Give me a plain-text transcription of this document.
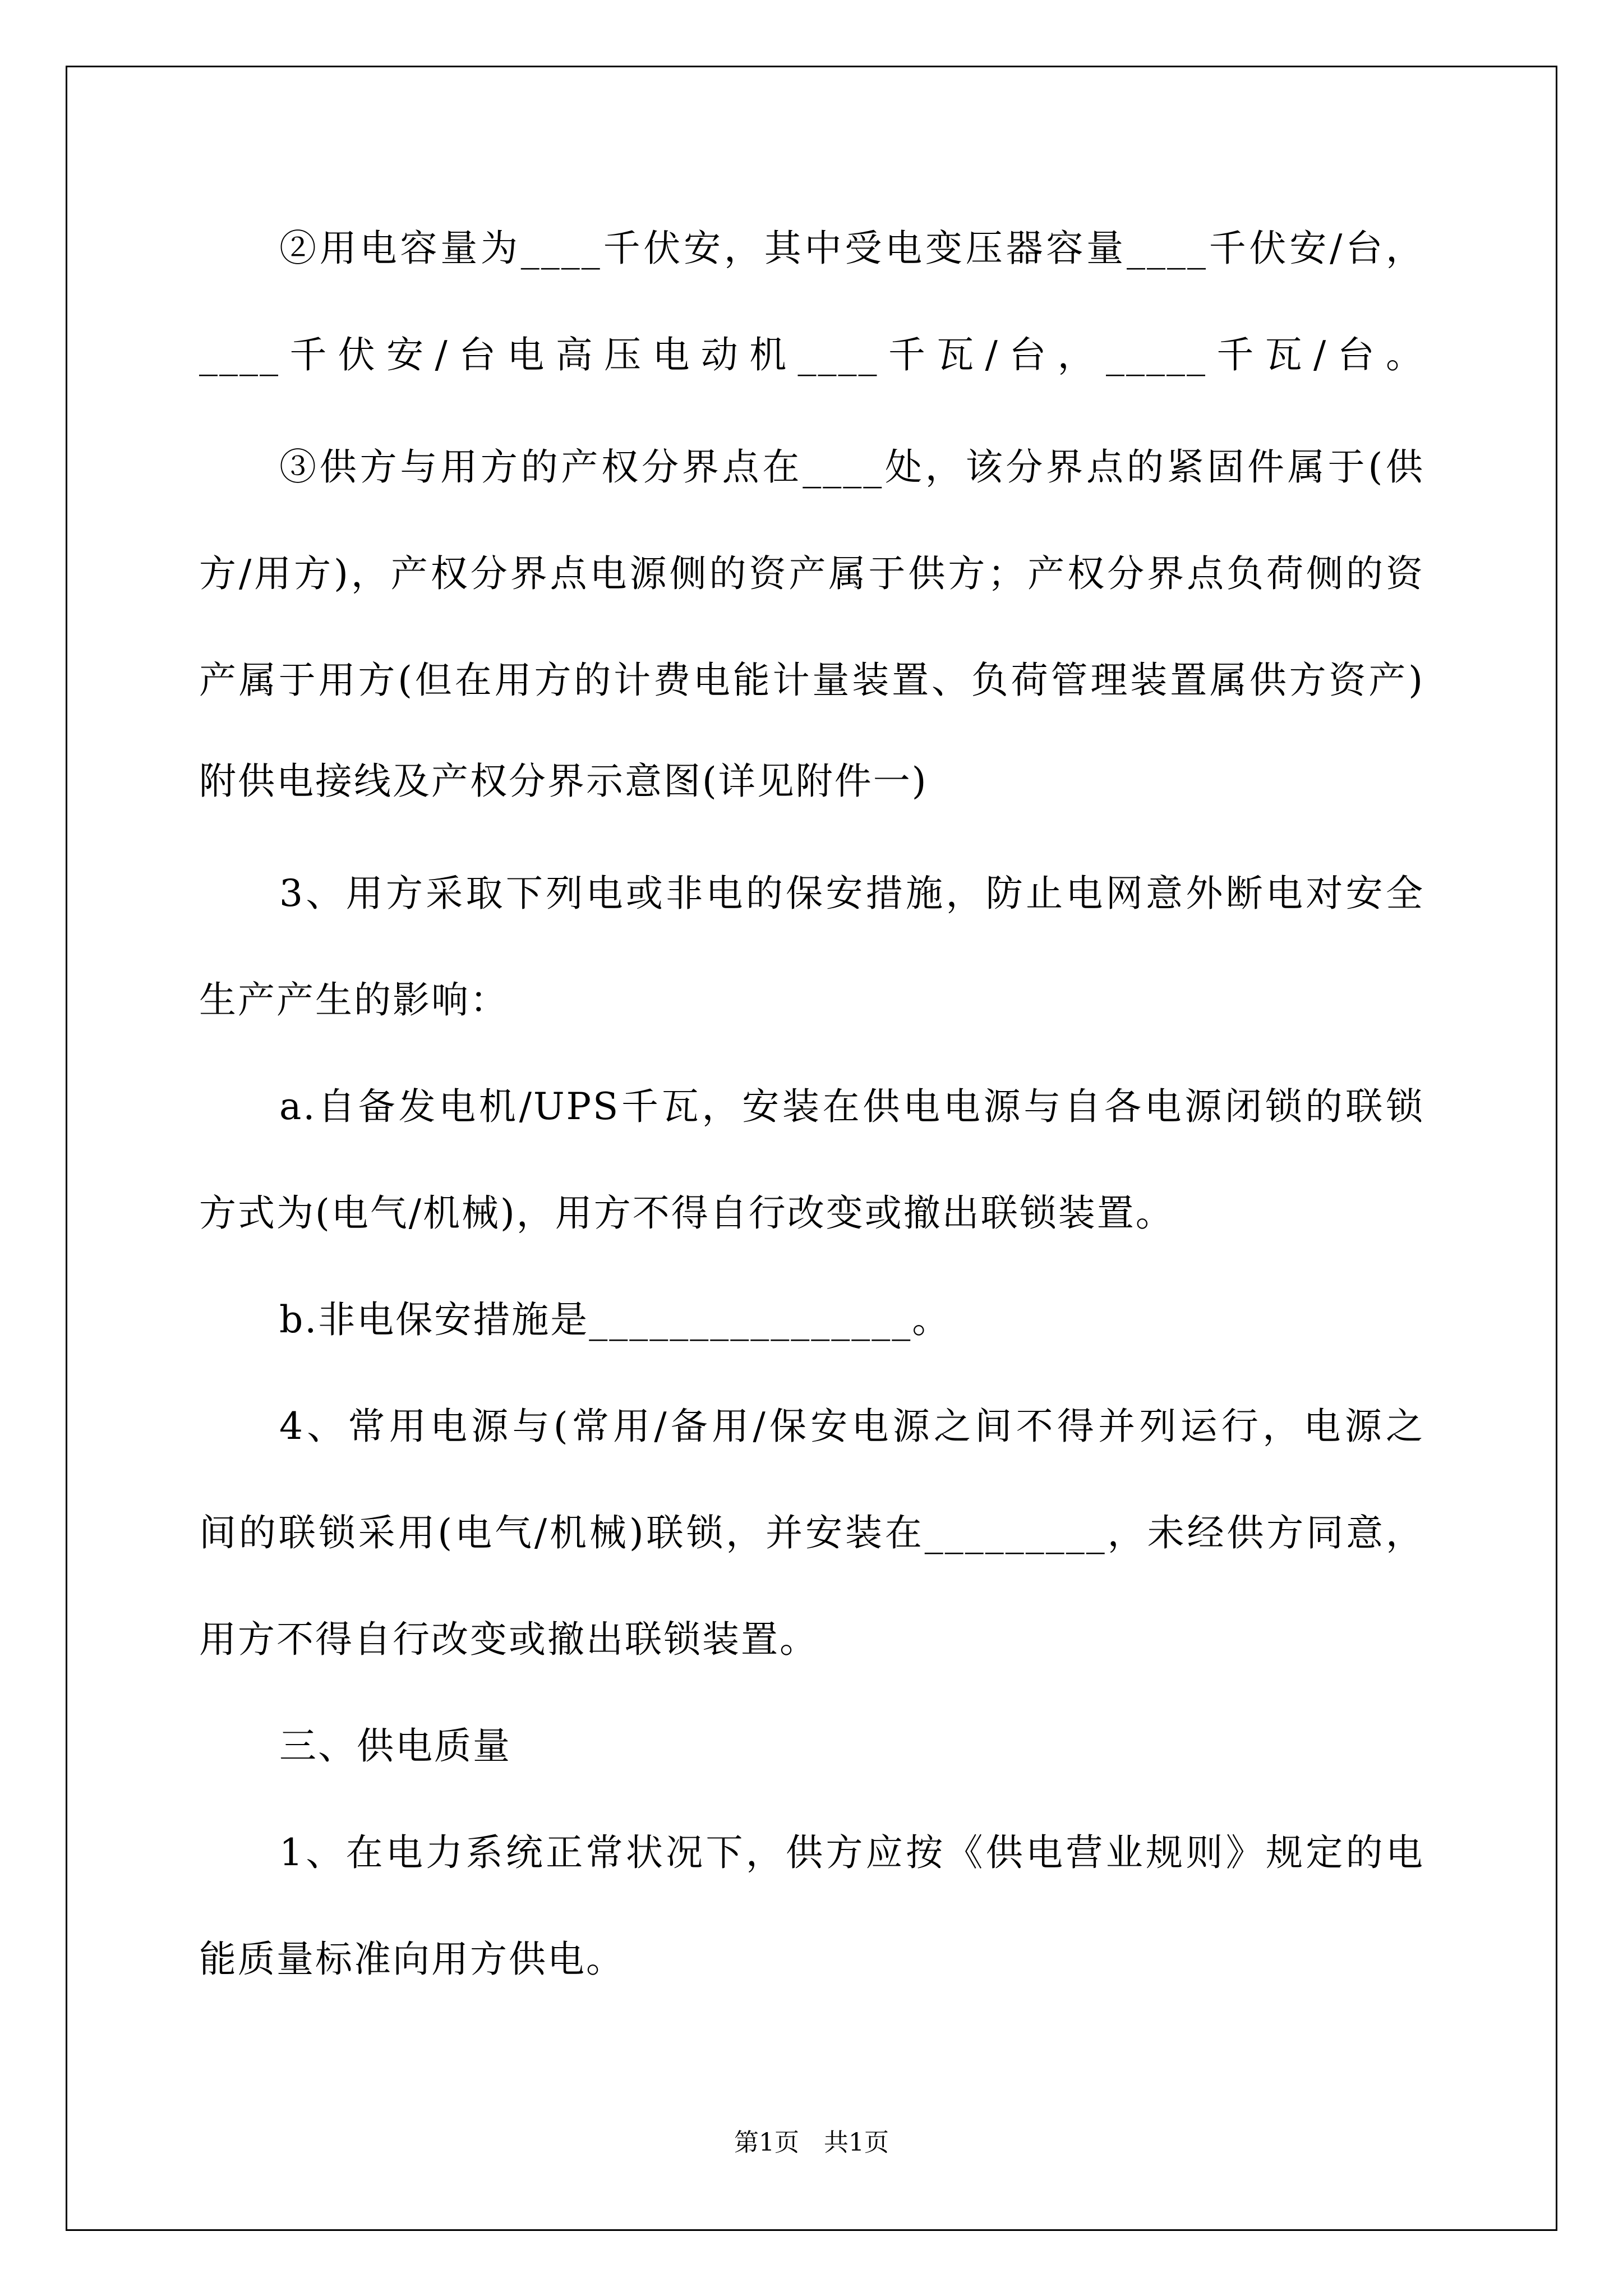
②用电容量为____千伏安，其中受电变压器容量____千伏安/台，
____千伏安/台电高压电动机____千瓦/台，_____千瓦/台。
③供方与用方的产权分界点在____处，该分界点的紧固件属于(供
方/用方)，产权分界点电源侧的资产属于供方；产权分界点负荷侧的资
产属于用方(但在用方的计费电能计量装置、负荷管理装置属供方资产)
附供电接线及产权分界示意图(详见附件一)
3、用方采取下列电或非电的保安措施，防止电网意外断电对安全
生产产生的影响：
a.自备发电机/UPS千瓦，安装在供电电源与自各电源闭锁的联锁
方式为(电气/机械)，用方不得自行改变或撤出联锁装置。
b.非电保安措施是________________。
4、常用电源与(常用/备用/保安电源之间不得并列运行，电源之
间的联锁采用(电气/机械)联锁，并安装在_________，未经供方同意，
用方不得自行改变或撤出联锁装置。
三、供电质量
1、在电力系统正常状况下，供方应按《供电营业规则》规定的电
能质量标准向用方供电。
第1页　共1页
